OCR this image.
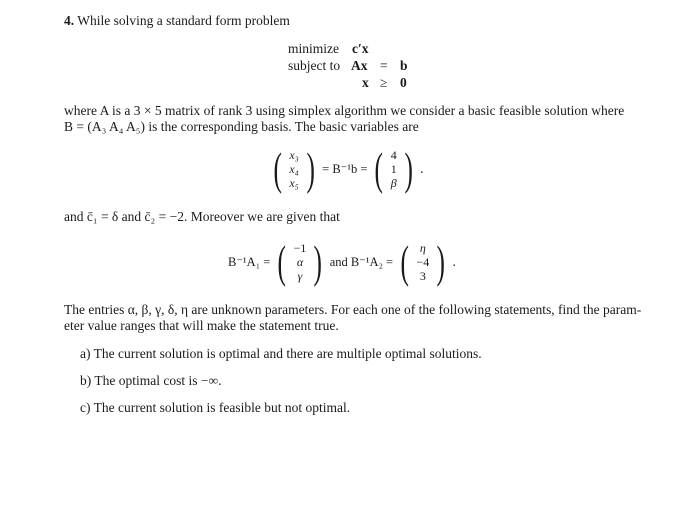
4. While solving a standard form problem
minimize c′x
subject to Ax = b
x ≥ 0
where A is a 3 × 5 matrix of rank 3 using simplex algorithm we consider a basic feasible solution where
B = (A₃ A₄ A₅) is the corresponding basis. The basic variables are
( x₃
x₄
x₅ ) = B⁻¹b = ( 4
1
β ) .
and c̄₁ = δ and c̄₂ = −2. Moreover we are given that
B⁻¹A₁ = ( −1
α
γ ) and B⁻¹A₂ = ( η
−4
3 ) .
The entries α, β, γ, δ, η are unknown parameters. For each one of the following statements, find the param-
eter value ranges that will make the statement true.
a) The current solution is optimal and there are multiple optimal solutions.
b) The optimal cost is −∞.
c) The current solution is feasible but not optimal.
